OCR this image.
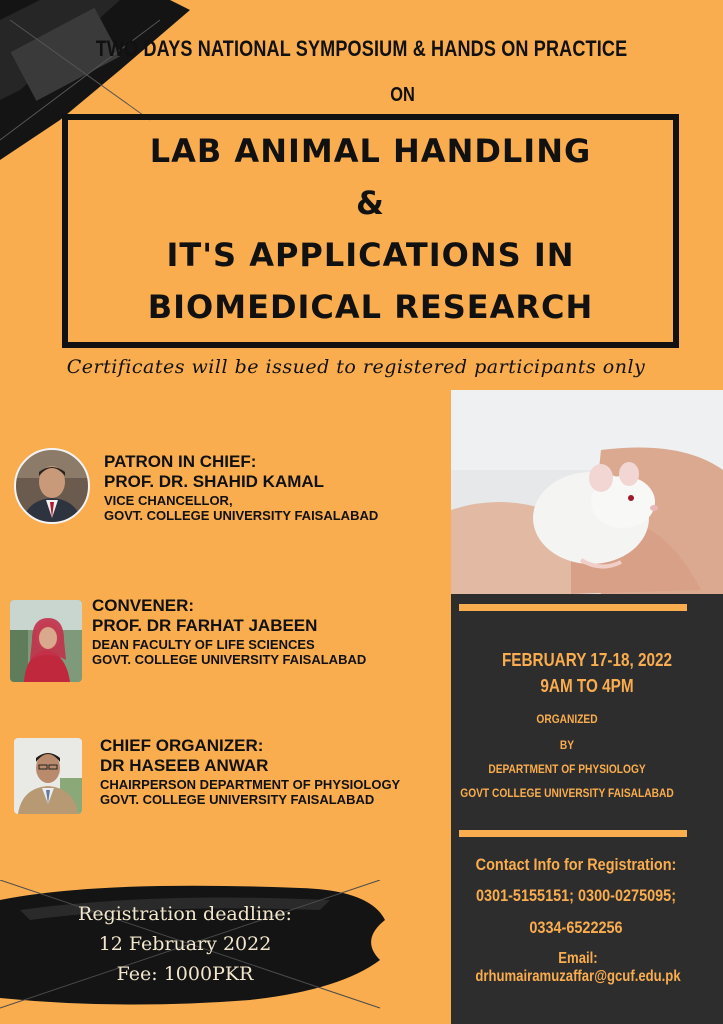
TWO DAYS NATIONAL SYMPOSIUM & HANDS ON PRACTICE
ON
LAB ANIMAL HANDLING
&
IT'S APPLICATIONS IN
BIOMEDICAL RESEARCH
Certificates will be issued to registered participants only
PATRON IN CHIEF:
PROF. DR. SHAHID KAMAL
VICE CHANCELLOR,
GOVT. COLLEGE UNIVERSITY FAISALABAD
CONVENER:
PROF. DR FARHAT JABEEN
DEAN FACULTY OF LIFE SCIENCES
GOVT. COLLEGE UNIVERSITY FAISALABAD
CHIEF ORGANIZER:
DR HASEEB ANWAR
CHAIRPERSON DEPARTMENT OF PHYSIOLOGY
GOVT. COLLEGE UNIVERSITY FAISALABAD
FEBRUARY 17-18, 2022
9AM TO 4PM
ORGANIZED
BY
DEPARTMENT OF PHYSIOLOGY
GOVT COLLEGE UNIVERSITY FAISALABAD
Contact Info for Registration:
0301-5155151; 0300-0275095;
0334-6522256
Email: drhumairamuzaffar@gcuf.edu.pk
Registration deadline:
12 February 2022
Fee: 1000PKR
